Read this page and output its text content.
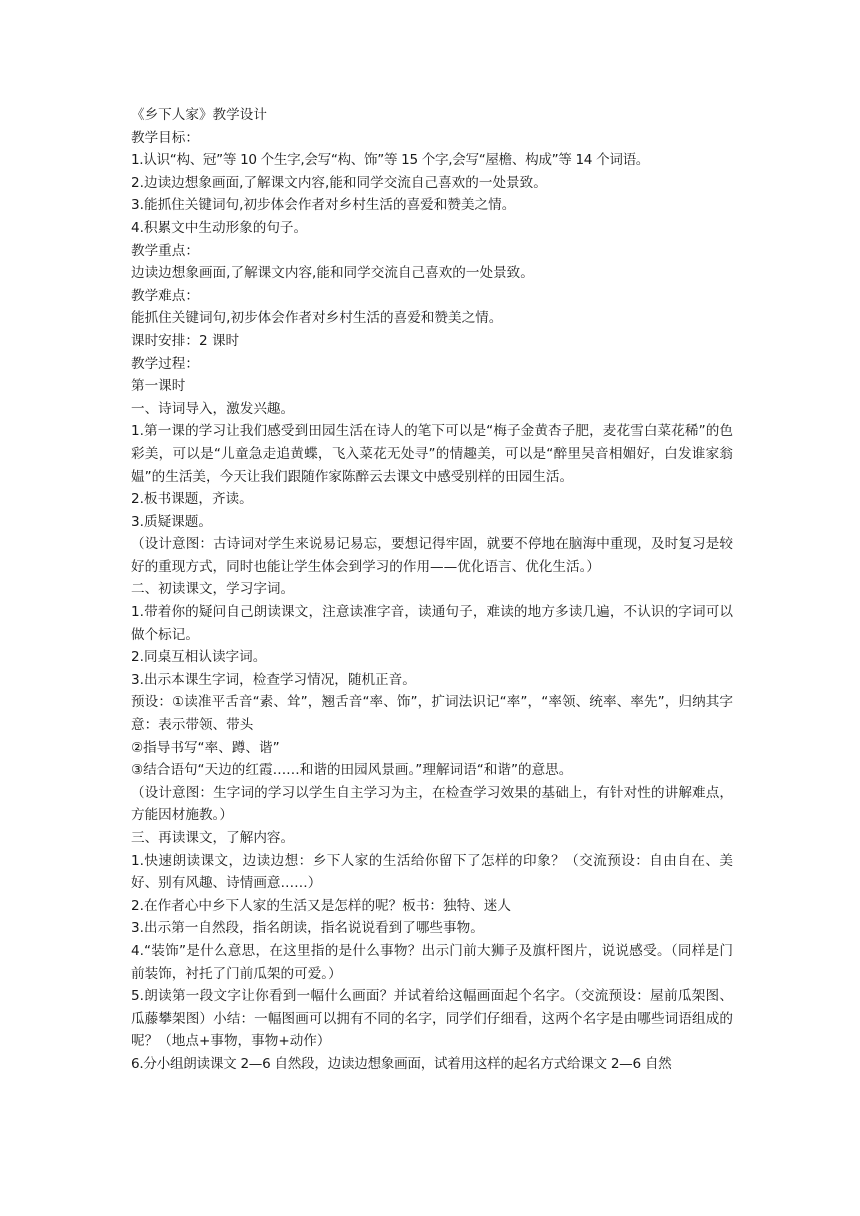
《乡下人家》教学设计
教学目标：
1.认识“构、冠”等 10 个生字,会写“构、饰”等 15 个字,会写“屋檐、构成”等 14 个词语。
2.边读边想象画面,了解课文内容,能和同学交流自己喜欢的一处景致。
3.能抓住关键词句,初步体会作者对乡村生活的喜爱和赞美之情。
4.积累文中生动形象的句子。
教学重点：
边读边想象画面,了解课文内容,能和同学交流自己喜欢的一处景致。
教学难点：
能抓住关键词句,初步体会作者对乡村生活的喜爱和赞美之情。
课时安排：2 课时
教学过程：
第一课时
一、诗词导入，激发兴趣。
1.第一课的学习让我们感受到田园生活在诗人的笔下可以是“梅子金黄杏子肥，麦花雪白菜花稀”的色彩美，可以是“儿童急走追黄蝶，飞入菜花无处寻”的情趣美，可以是“醉里吴音相媚好，白发谁家翁媪”的生活美，今天让我们跟随作家陈醉云去课文中感受别样的田园生活。
2.板书课题，齐读。
3.质疑课题。
（设计意图：古诗词对学生来说易记易忘，要想记得牢固，就要不停地在脑海中重现，及时复习是较好的重现方式，同时也能让学生体会到学习的作用——优化语言、优化生活。）
二、初读课文，学习字词。
1.带着你的疑问自己朗读课文，注意读准字音，读通句子，难读的地方多读几遍，不认识的字词可以做个标记。
2.同桌互相认读字词。
3.出示本课生字词，检查学习情况，随机正音。
预设：①读准平舌音“素、耸”，翘舌音“率、饰”，扩词法识记“率”，“率领、统率、率先”，归纳其字意：表示带领、带头
②指导书写“率、蹲、谐”
③结合语句“天边的红霞……和谐的田园风景画。”理解词语“和谐”的意思。
（设计意图：生字词的学习以学生自主学习为主，在检查学习效果的基础上，有针对性的讲解难点，方能因材施教。）
三、再读课文，了解内容。
1.快速朗读课文，边读边想：乡下人家的生活给你留下了怎样的印象？（交流预设：自由自在、美好、别有风趣、诗情画意……）
2.在作者心中乡下人家的生活又是怎样的呢？板书：独特、迷人
3.出示第一自然段，指名朗读，指名说说看到了哪些事物。
4.“装饰”是什么意思，在这里指的是什么事物？出示门前大狮子及旗杆图片，说说感受。（同样是门前装饰，衬托了门前瓜架的可爱。）
5.朗读第一段文字让你看到一幅什么画面？并试着给这幅画面起个名字。（交流预设：屋前瓜架图、瓜藤攀架图）小结：一幅图画可以拥有不同的名字，同学们仔细看，这两个名字是由哪些词语组成的呢？（地点+事物，事物+动作）
6.分小组朗读课文 2—6 自然段，边读边想象画面，试着用这样的起名方式给课文 2—6 自然
